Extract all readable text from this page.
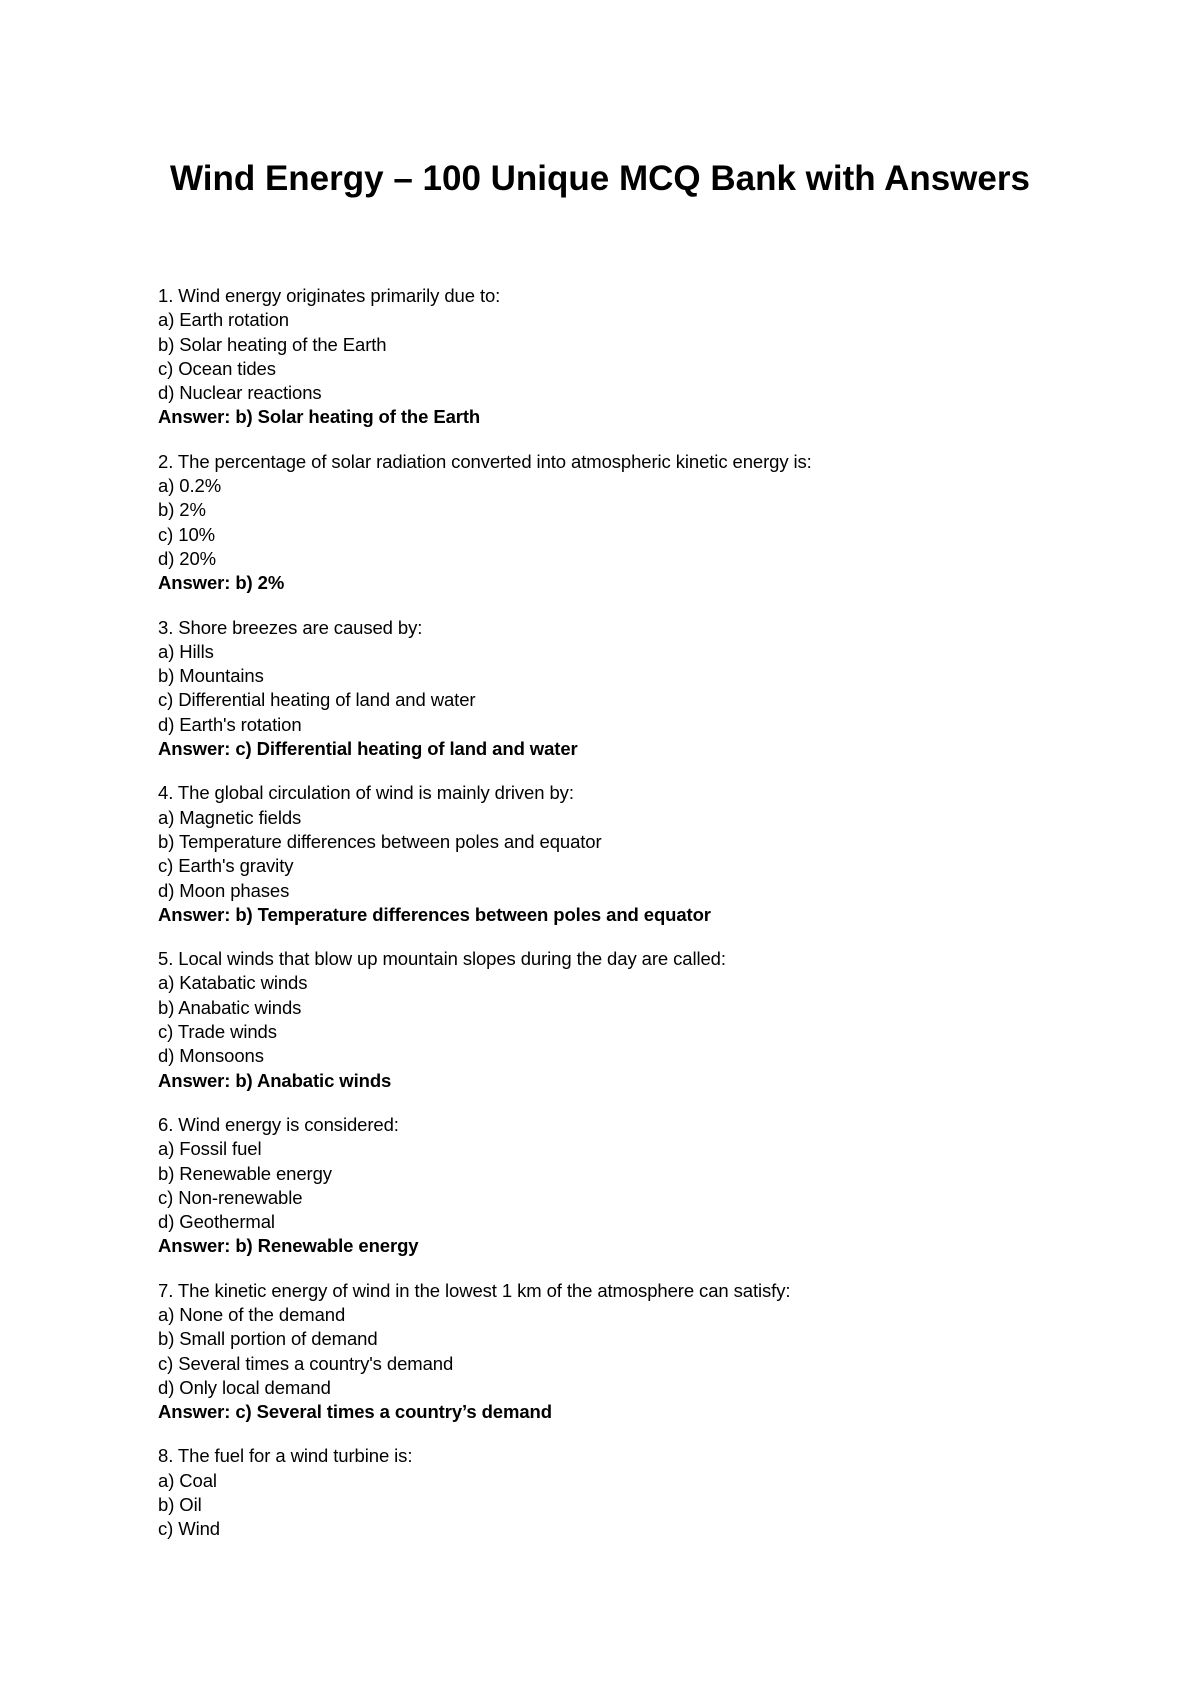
Wind Energy – 100 Unique MCQ Bank with Answers
1. Wind energy originates primarily due to:
a) Earth rotation
b) Solar heating of the Earth
c) Ocean tides
d) Nuclear reactions
Answer: b) Solar heating of the Earth
2. The percentage of solar radiation converted into atmospheric kinetic energy is:
a) 0.2%
b) 2%
c) 10%
d) 20%
Answer: b) 2%
3. Shore breezes are caused by:
a) Hills
b) Mountains
c) Differential heating of land and water
d) Earth's rotation
Answer: c) Differential heating of land and water
4. The global circulation of wind is mainly driven by:
a) Magnetic fields
b) Temperature differences between poles and equator
c) Earth's gravity
d) Moon phases
Answer: b) Temperature differences between poles and equator
5. Local winds that blow up mountain slopes during the day are called:
a) Katabatic winds
b) Anabatic winds
c) Trade winds
d) Monsoons
Answer: b) Anabatic winds
6. Wind energy is considered:
a) Fossil fuel
b) Renewable energy
c) Non-renewable
d) Geothermal
Answer: b) Renewable energy
7. The kinetic energy of wind in the lowest 1 km of the atmosphere can satisfy:
a) None of the demand
b) Small portion of demand
c) Several times a country's demand
d) Only local demand
Answer: c) Several times a country’s demand
8. The fuel for a wind turbine is:
a) Coal
b) Oil
c) Wind
